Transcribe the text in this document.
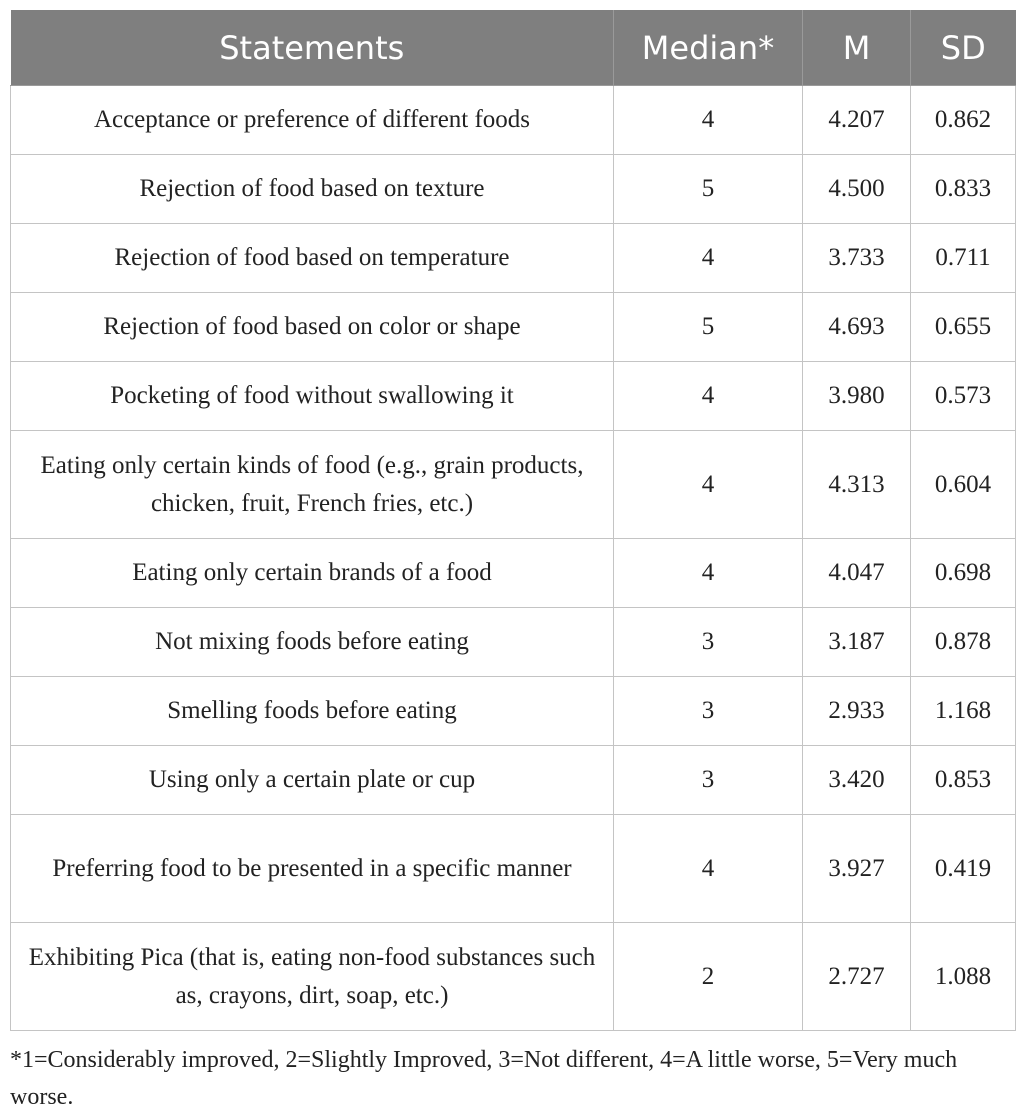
Statements	Median*	M	SD
Acceptance or preference of different foods	4	4.207	0.862
Rejection of food based on texture	5	4.500	0.833
Rejection of food based on temperature	4	3.733	0.711
Rejection of food based on color or shape	5	4.693	0.655
Pocketing of food without swallowing it	4	3.980	0.573
Eating only certain kinds of food (e.g., grain products, chicken, fruit, French fries, etc.)	4	4.313	0.604
Eating only certain brands of a food	4	4.047	0.698
Not mixing foods before eating	3	3.187	0.878
Smelling foods before eating	3	2.933	1.168
Using only a certain plate or cup	3	3.420	0.853
Preferring food to be presented in a specific manner	4	3.927	0.419
Exhibiting Pica (that is, eating non-food substances such as, crayons, dirt, soap, etc.)	2	2.727	1.088

*1=Considerably improved, 2=Slightly Improved, 3=Not different, 4=A little worse, 5=Very much worse.
